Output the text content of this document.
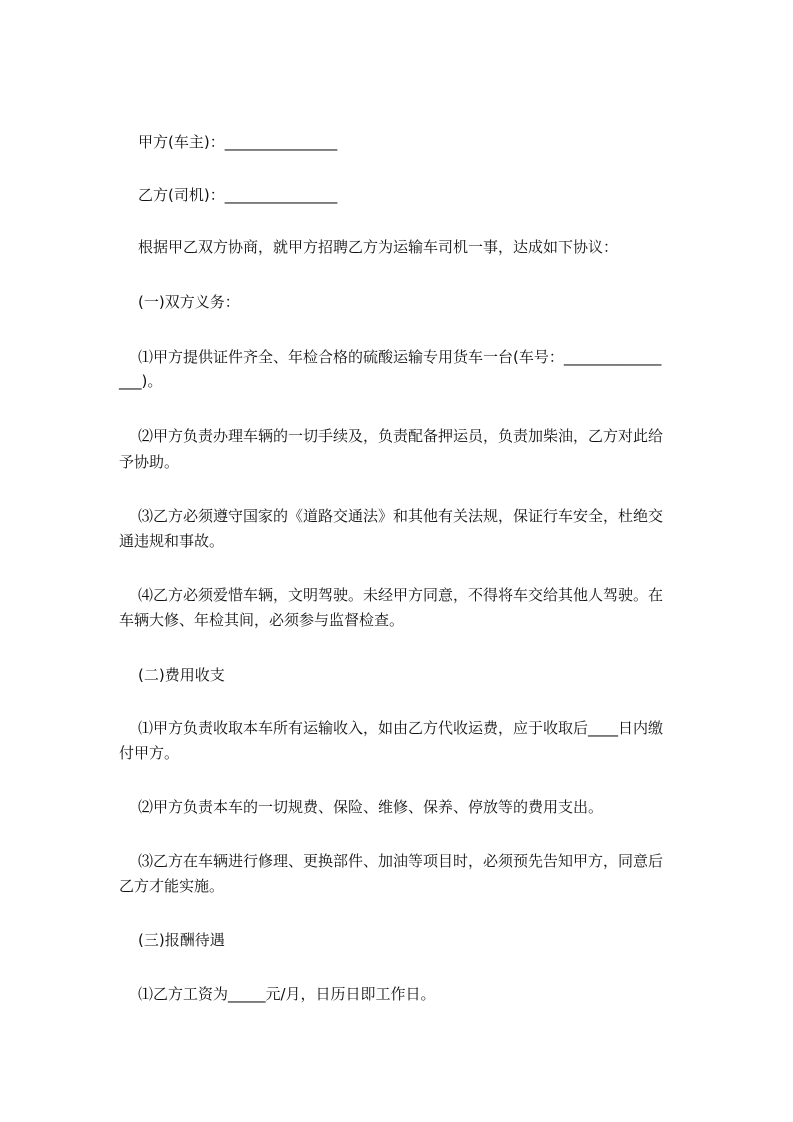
甲方(车主)：_______________
乙方(司机)：_______________
根据甲乙双方协商，就甲方招聘乙方为运输车司机一事，达成如下协议：
(一)双方义务：
⑴甲方提供证件齐全、年检合格的硫酸运输专用货车一台(车号：_____________
___)。
⑵甲方负责办理车辆的一切手续及，负责配备押运员，负责加柴油，乙方对此给
予协助。
⑶乙方必须遵守国家的《道路交通法》和其他有关法规，保证行车安全，杜绝交
通违规和事故。
⑷乙方必须爱惜车辆，文明驾驶。未经甲方同意，不得将车交给其他人驾驶。在
车辆大修、年检其间，必须参与监督检查。
(二)费用收支
⑴甲方负责收取本车所有运输收入，如由乙方代收运费，应于收取后____日内缴
付甲方。
⑵甲方负责本车的一切规费、保险、维修、保养、停放等的费用支出。
⑶乙方在车辆进行修理、更换部件、加油等项目时，必须预先告知甲方，同意后
乙方才能实施。
(三)报酬待遇
⑴乙方工资为_____元/月，日历日即工作日。
